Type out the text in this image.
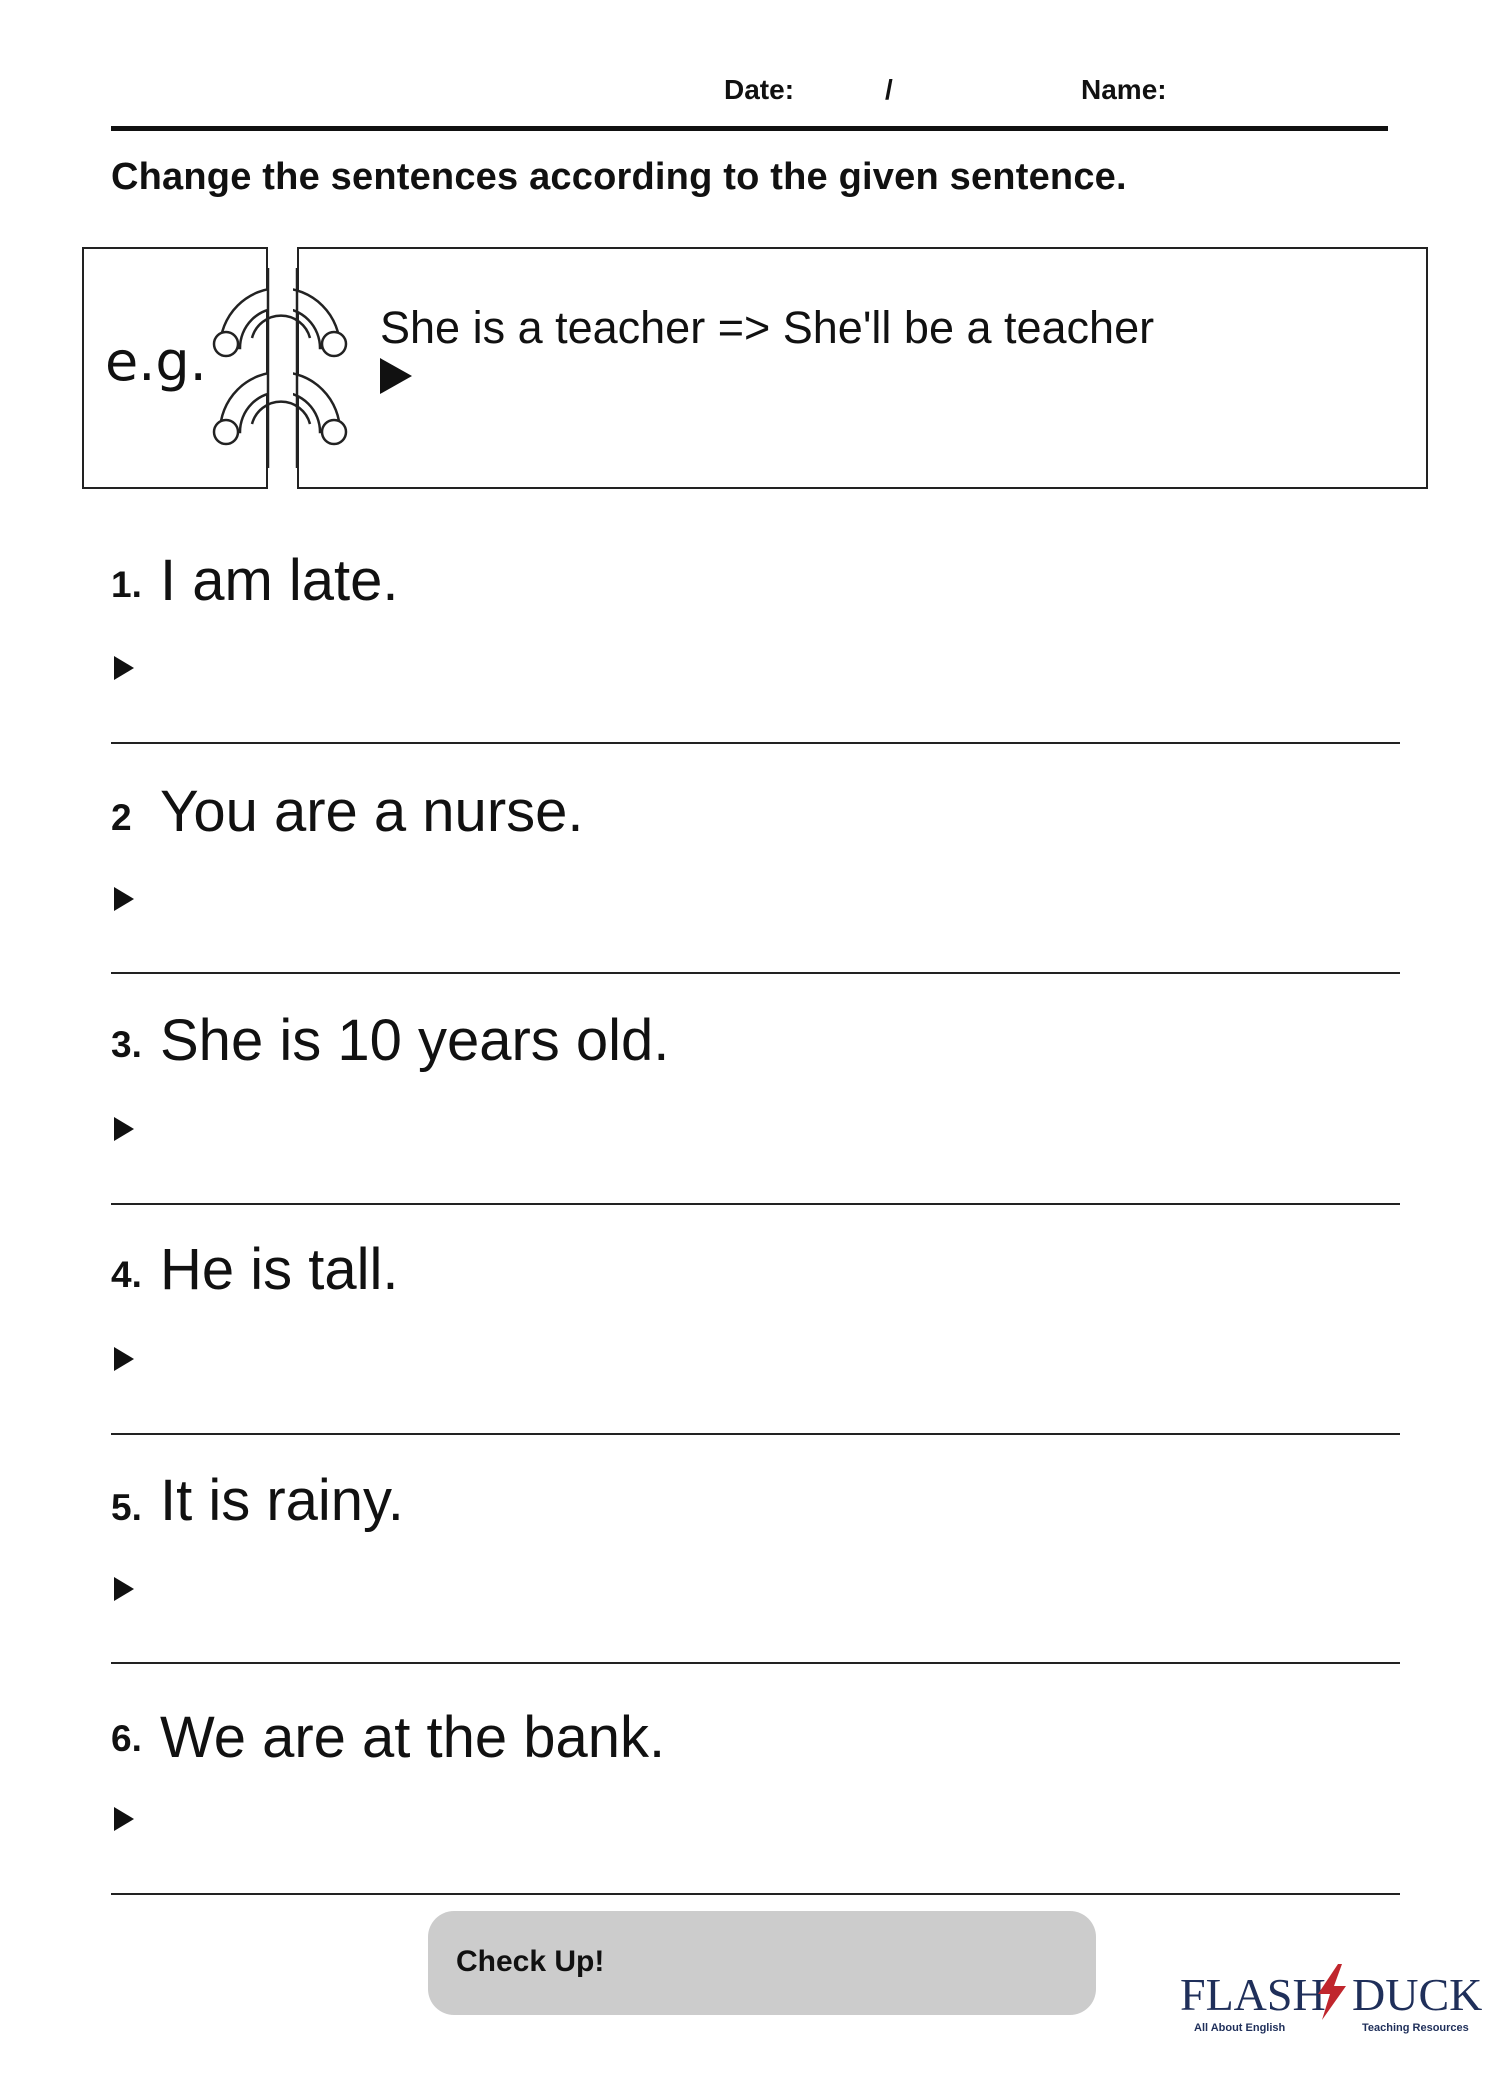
Date:	/	Name:
Change the sentences according to the given sentence.
e.g.
She is a teacher => She'll be a teacher
1. I am late.
2 You are a nurse.
3. She is 10 years old.
4. He is tall.
5. It is rainy.
6. We are at the bank.
Check Up!
FLASH DUCK
All About English	Teaching Resources
